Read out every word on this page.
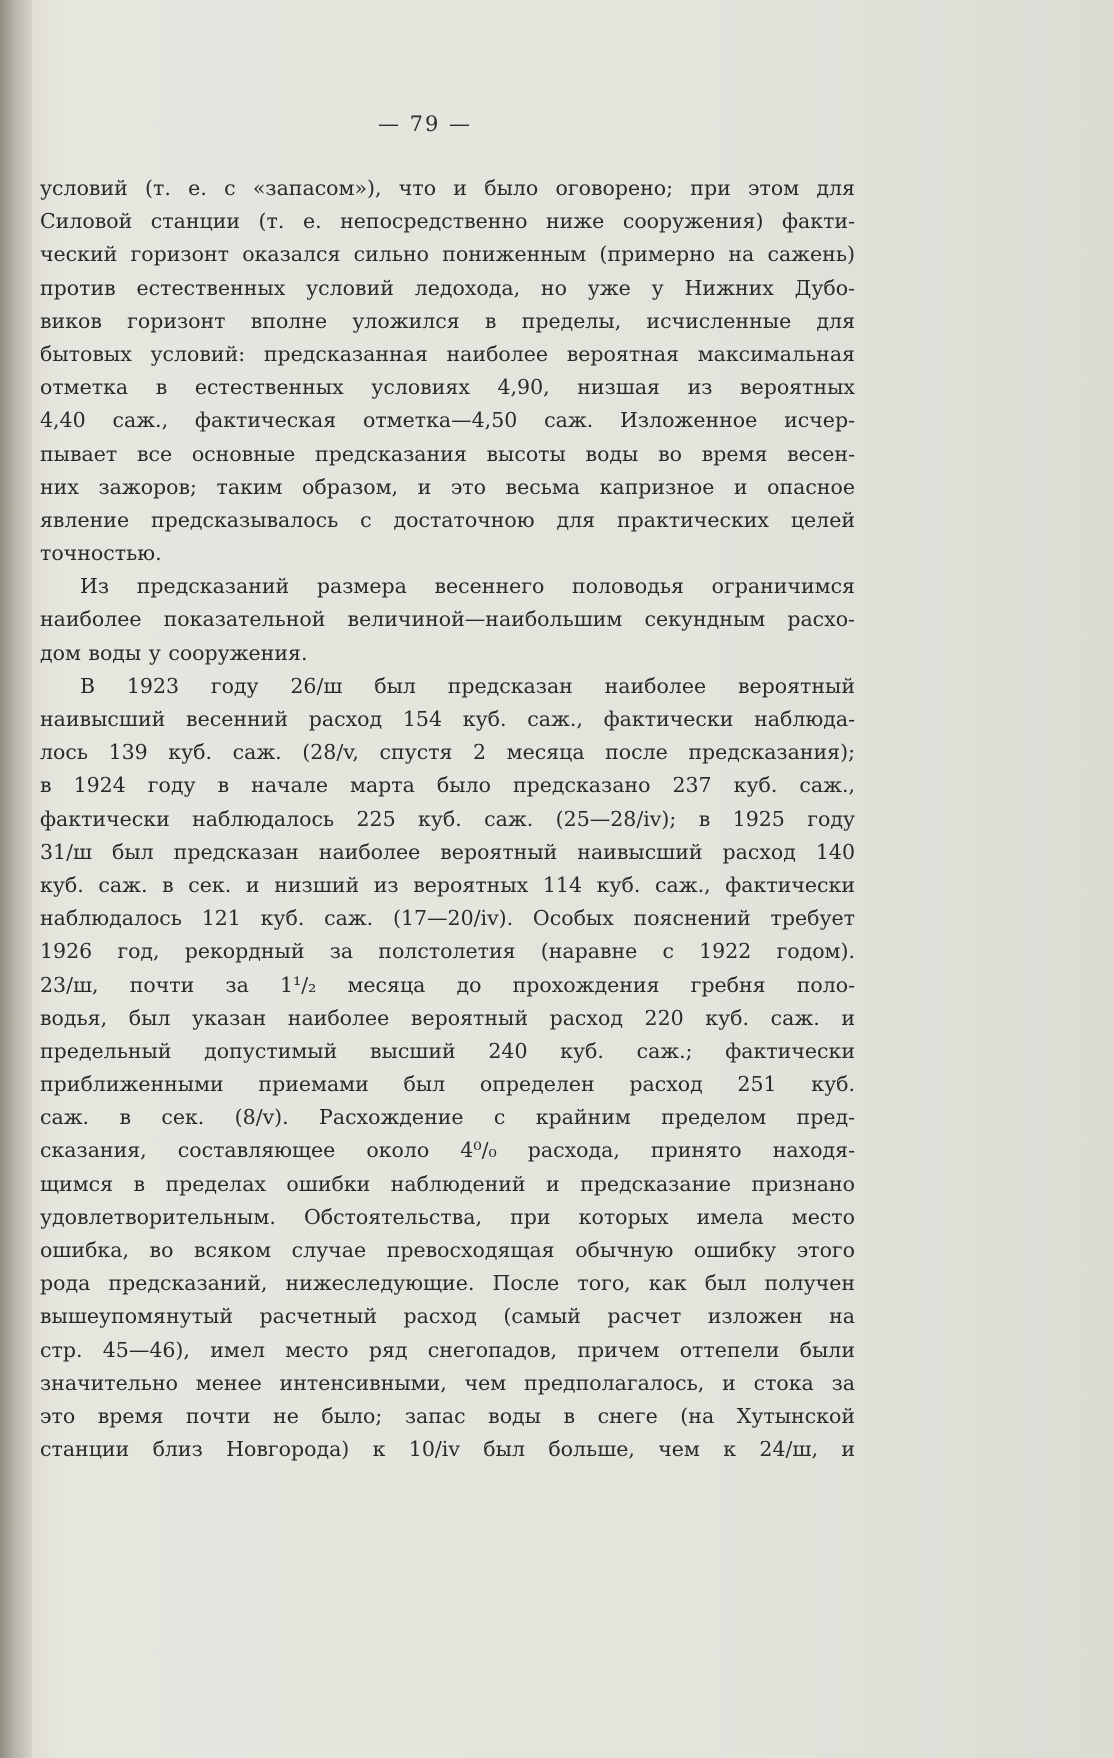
— 79 —
условий (т. е. с «запасом»), что и было оговорено; при этом для
Силовой станции (т. е. непосредственно ниже сооружения) факти-
ческий горизонт оказался сильно пониженным (примерно на сажень)
против естественных условий ледохода, но уже у Нижних Дубо-
виков горизонт вполне уложился в пределы, исчисленные для
бытовых условий: предсказанная наиболее вероятная максимальная
отметка в естественных условиях 4,90, низшая из вероятных
4,40 саж., фактическая отметка—4,50 саж. Изложенное исчер-
пывает все основные предсказания высоты воды во время весен-
них зажоров; таким образом, и это весьма капризное и опасное
явление предсказывалось с достаточною для практических целей
точностью.
Из предсказаний размера весеннего половодья ограничимся
наиболее показательной величиной—наибольшим секундным расхо-
дом воды у сооружения.
В 1923 году 26/ш был предсказан наиболее вероятный
наивысший весенний расход 154 куб. саж., фактически наблюда-
лось 139 куб. саж. (28/v, спустя 2 месяца после предсказания);
в 1924 году в начале марта было предсказано 237 куб. саж.,
фактически наблюдалось 225 куб. саж. (25—28/iv); в 1925 году
31/ш был предсказан наиболее вероятный наивысший расход 140
куб. саж. в сек. и низший из вероятных 114 куб. саж., фактически
наблюдалось 121 куб. саж. (17—20/iv). Особых пояснений требует
1926 год, рекордный за полстолетия (наравне с 1922 годом).
23/ш, почти за 1¹/₂ месяца до прохождения гребня поло-
водья, был указан наиболее вероятный расход 220 куб. саж. и
предельный допустимый высший 240 куб. саж.; фактически
приближенными приемами был определен расход 251 куб.
саж. в сек. (8/v). Расхождение с крайним пределом пред-
сказания, составляющее около 4⁰/₀ расхода, принято находя-
щимся в пределах ошибки наблюдений и предсказание признано
удовлетворительным. Обстоятельства, при которых имела место
ошибка, во всяком случае превосходящая обычную ошибку этого
рода предсказаний, нижеследующие. После того, как был получен
вышеупомянутый расчетный расход (самый расчет изложен на
стр. 45—46), имел место ряд снегопадов, причем оттепели были
значительно менее интенсивными, чем предполагалось, и стока за
это время почти не было; запас воды в снеге (на Хутынской
станции близ Новгорода) к 10/iv был больше, чем к 24/ш, и
